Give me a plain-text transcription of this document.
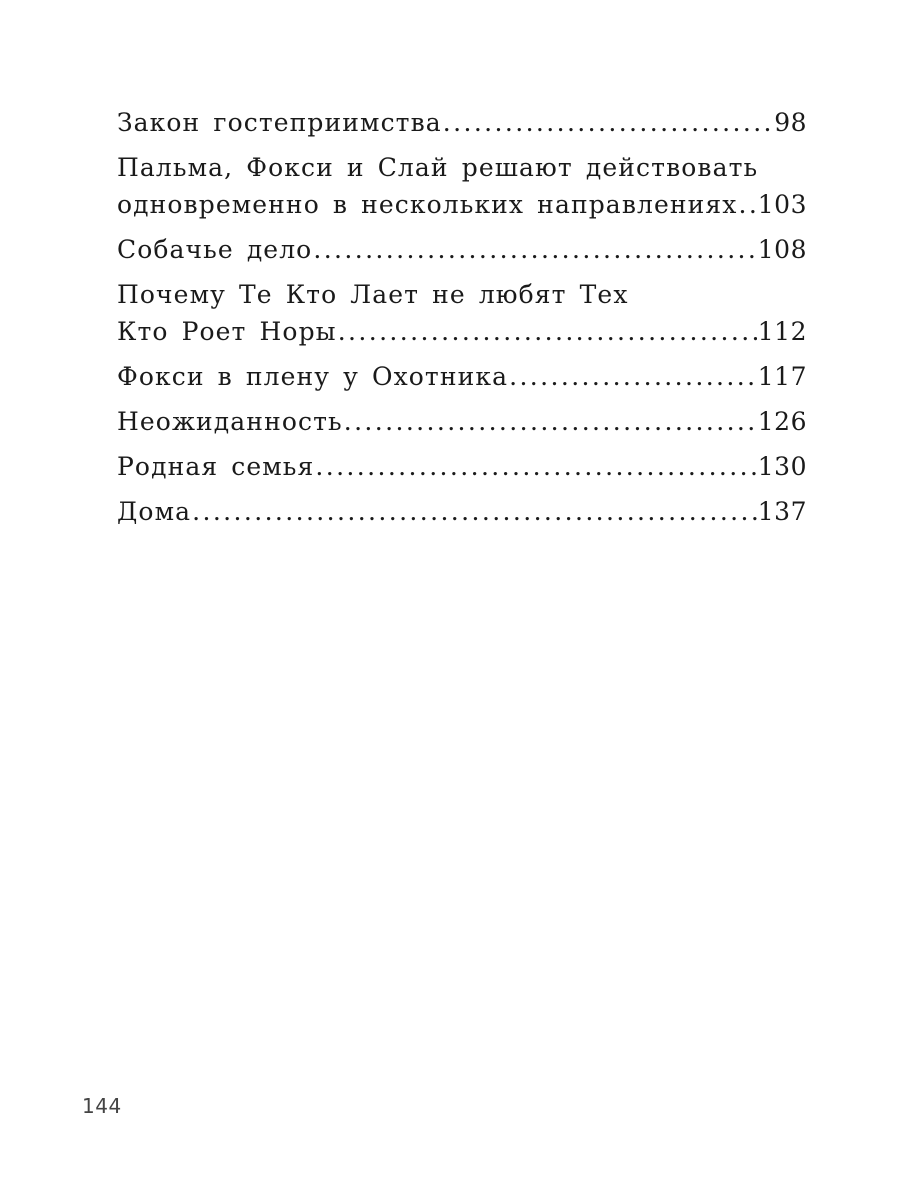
Закон гостеприимства .....	98
Пальма, Фокси и Слай решают действовать
одновременно в нескольких направлениях ..... 103
Собачье дело .....	108
Почему Те Кто Лает не любят Тех
Кто Роет Норы .....	112
Фокси в плену у Охотника .....	117
Неожиданность .....	126
Родная семья .....	130
Дома .....	137
144
